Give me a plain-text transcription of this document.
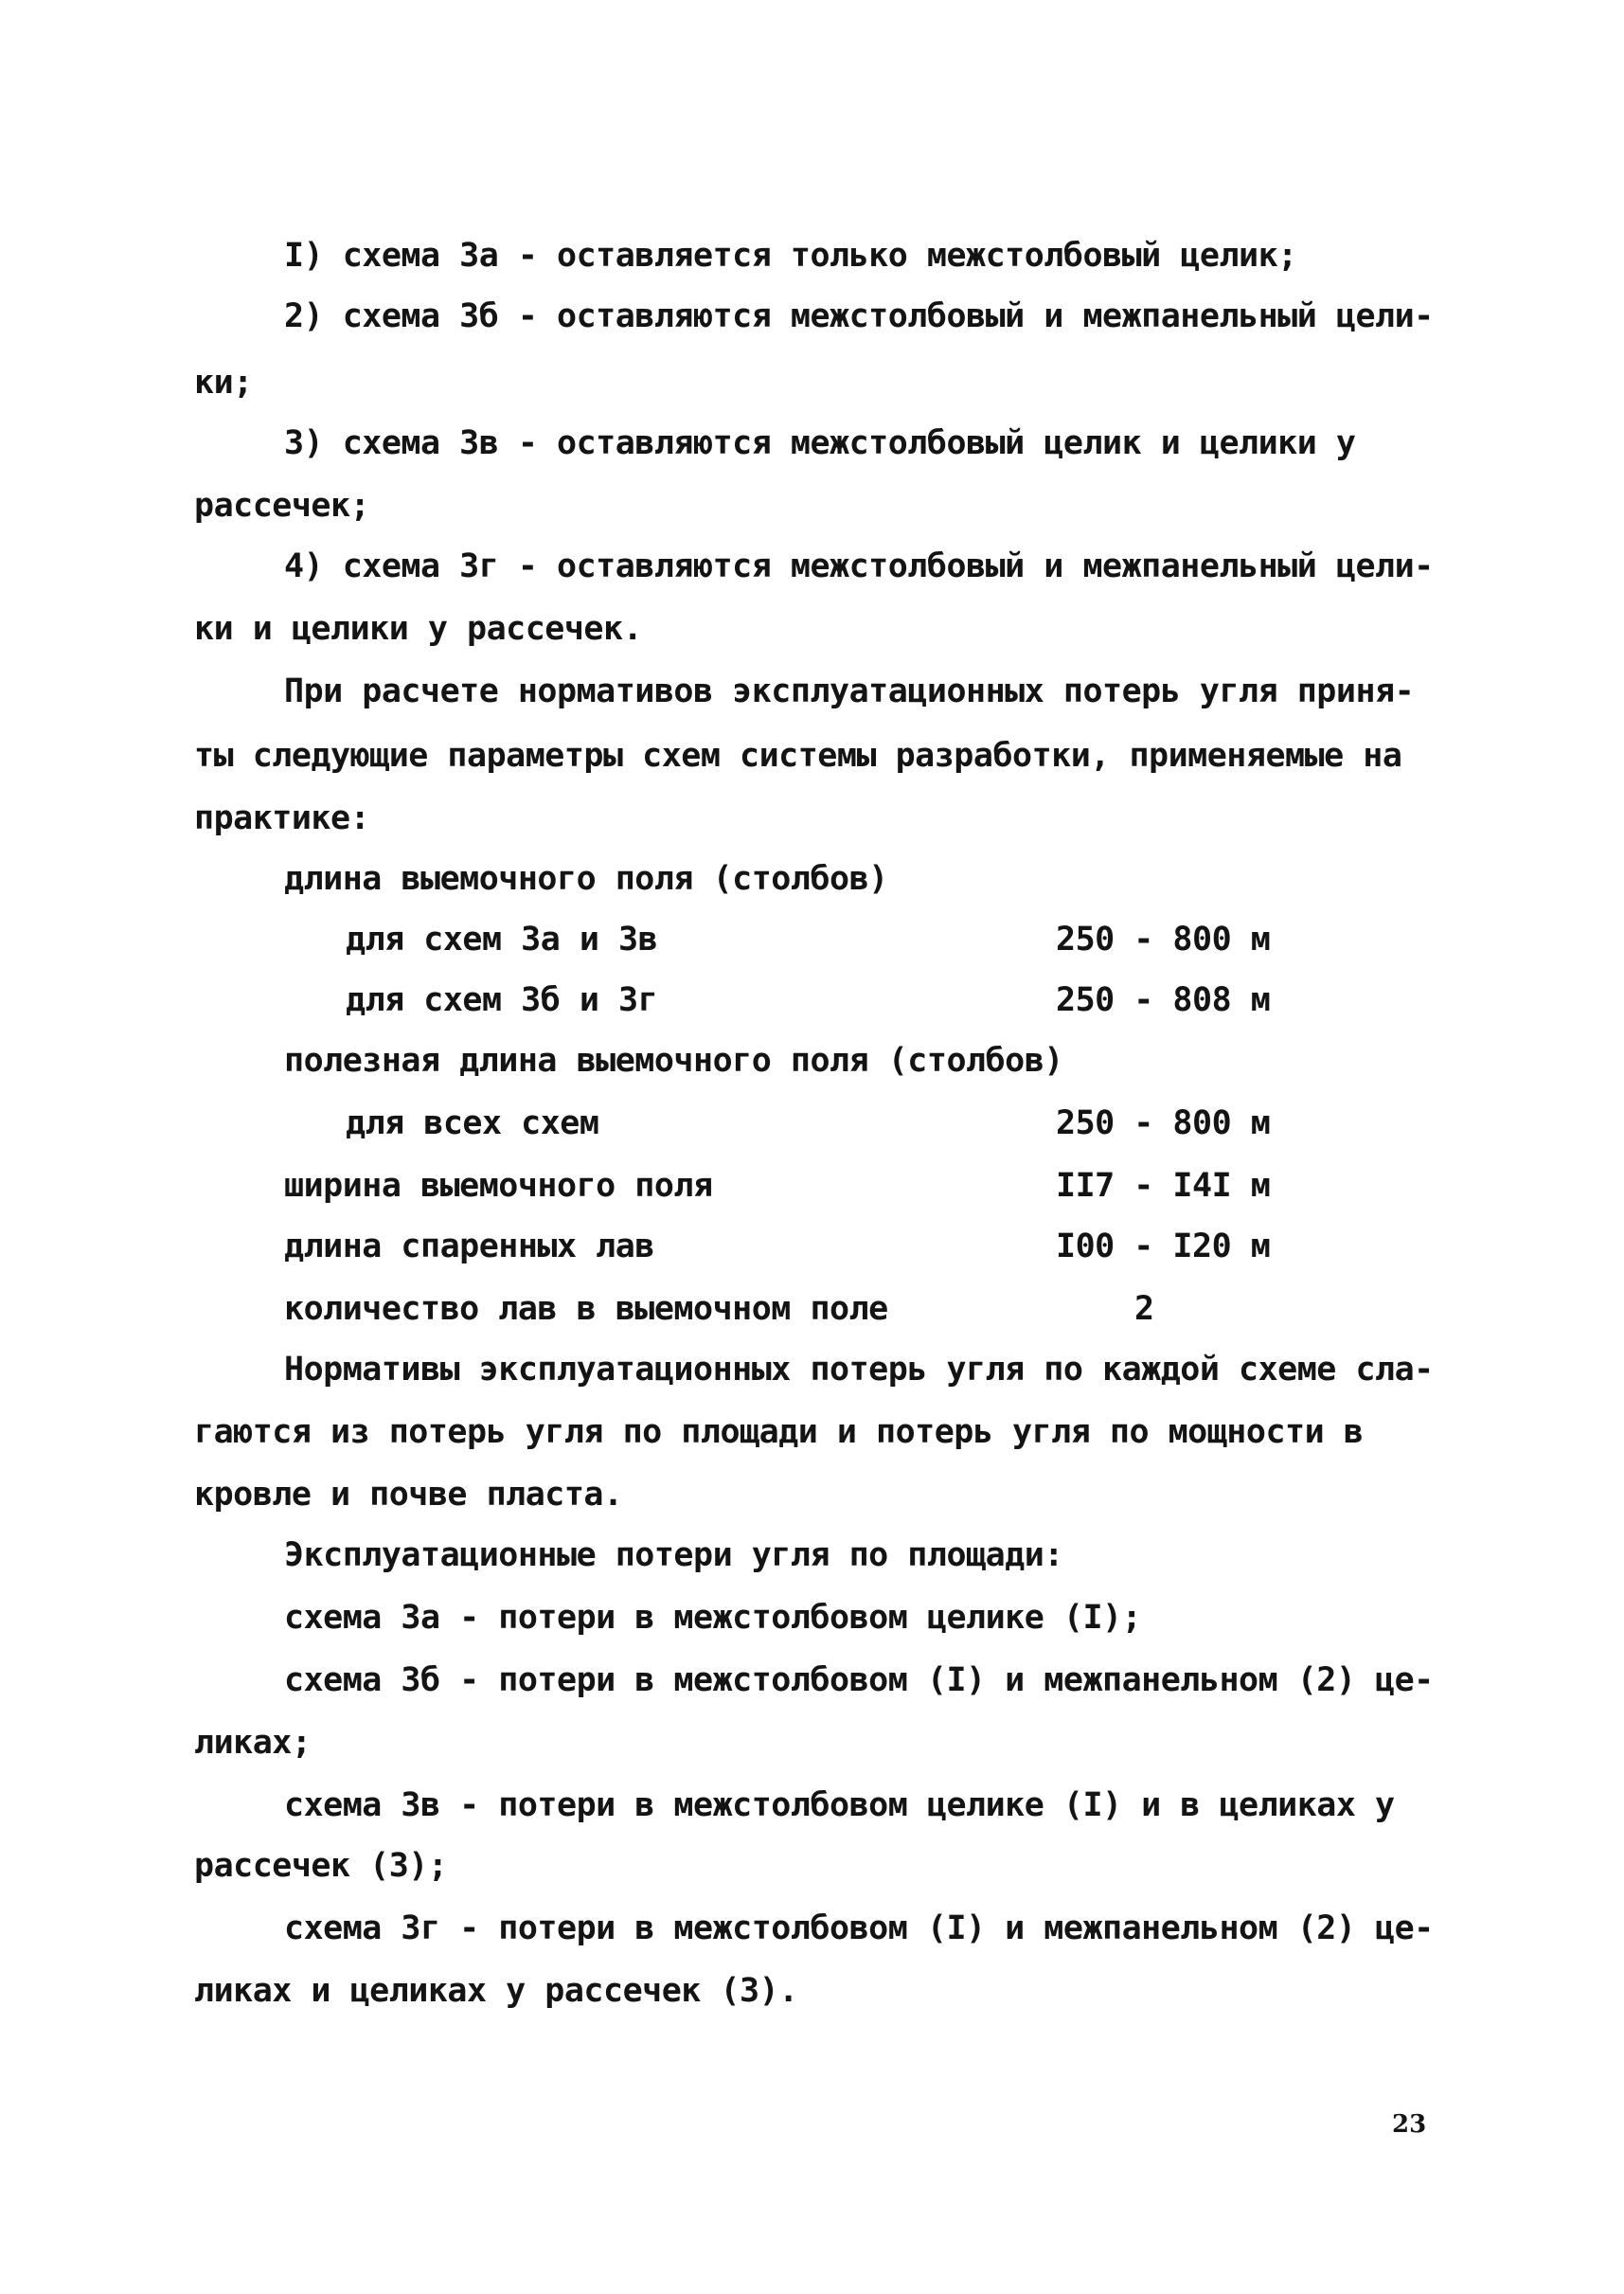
I) схема 3а - оставляется только межстолбовый целик;
2) схема 3б - оставляются межстолбовый и межпанельный цели-
ки;
3) схема 3в - оставляются межстолбовый целик и целики у
рассечек;
4) схема 3г - оставляются межстолбовый и межпанельный цели-
ки и целики у рассечек.
При расчете нормативов эксплуатационных потерь угля приня-
ты следующие параметры схем системы разработки, применяемые на
практике:
длина выемочного поля (столбов)
для схем 3а и 3в	250 - 800 м
для схем 3б и 3г	250 - 808 м
полезная длина выемочного поля (столбов)
для всех схем	250 - 800 м
ширина выемочного поля	II7 - I4I м
длина спаренных лав	I00 - I20 м
количество лав в выемочном поле	2
Нормативы эксплуатационных потерь угля по каждой схеме сла-
гаются из потерь угля по площади и потерь угля по мощности в
кровле и почве пласта.
Эксплуатационные потери угля по площади:
схема 3а - потери в межстолбовом целике (I);
схема 3б - потери в межстолбовом (I) и межпанельном (2) це-
ликах;
схема 3в - потери в межстолбовом целике (I) и в целиках у
рассечек (3);
схема 3г - потери в межстолбовом (I) и межпанельном (2) це-
ликах и целиках у рассечек (3).
23
